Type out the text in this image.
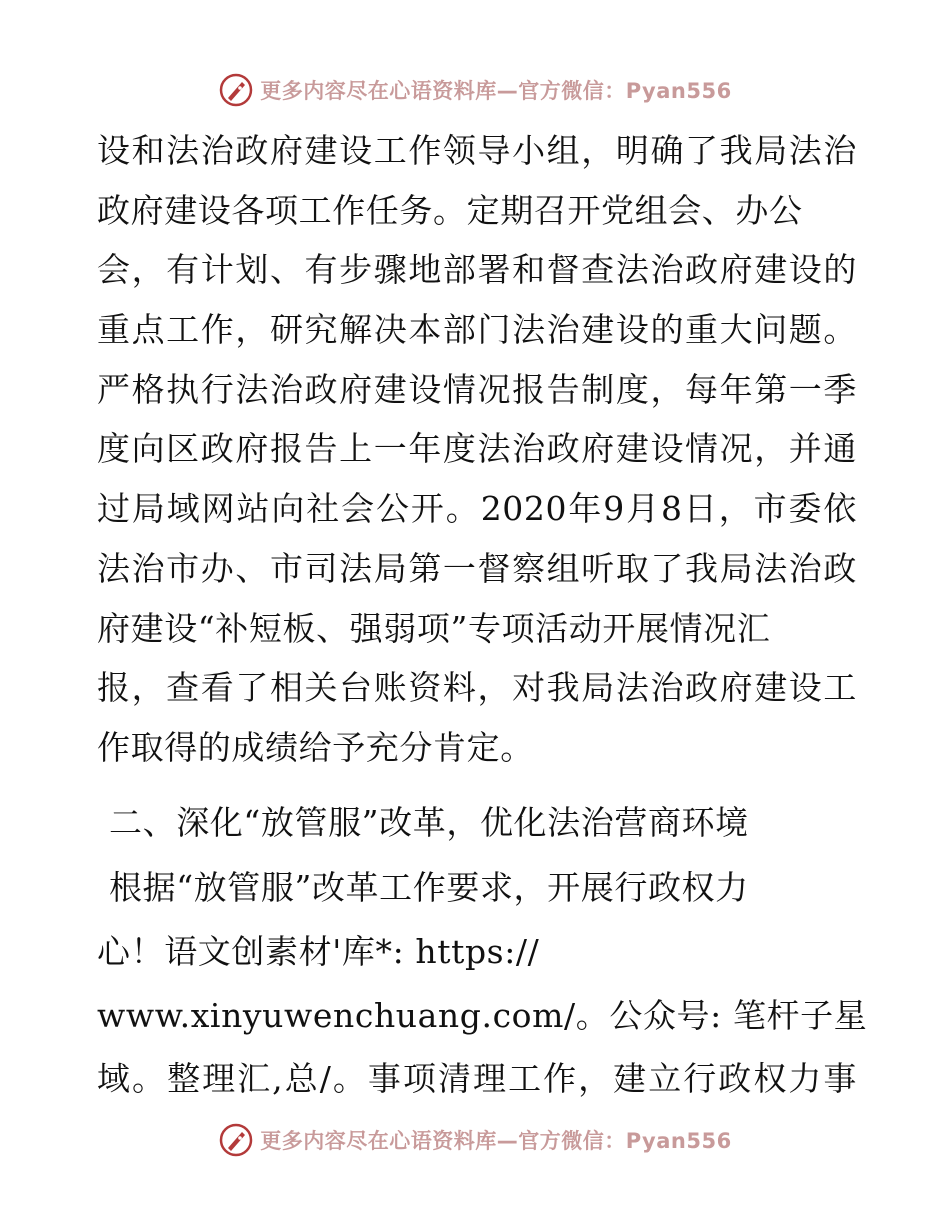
更多内容尽在心语资料库—官方微信：Pyan556
设和法治政府建设工作领导小组，明确了我局法治
政府建设各项工作任务。定期召开党组会、办公
会，有计划、有步骤地部署和督查法治政府建设的
重点工作，研究解决本部门法治建设的重大问题。
严格执行法治政府建设情况报告制度，每年第一季
度向区政府报告上一年度法治政府建设情况，并通
过局域网站向社会公开。2020年9月8日，市委依
法治市办、市司法局第一督察组听取了我局法治政
府建设“补短板、强弱项”专项活动开展情况汇
报，查看了相关台账资料，对我局法治政府建设工
作取得的成绩给予充分肯定。
二、深化“放管服”改革，优化法治营商环境
根据“放管服”改革工作要求，开展行政权力
心！语文创素材'库*: https://
www.xinyuwenchuang.com/。公众号: 笔杆子星
域。整理汇,总/。事项清理工作，建立行政权力事
更多内容尽在心语资料库—官方微信：Pyan556
